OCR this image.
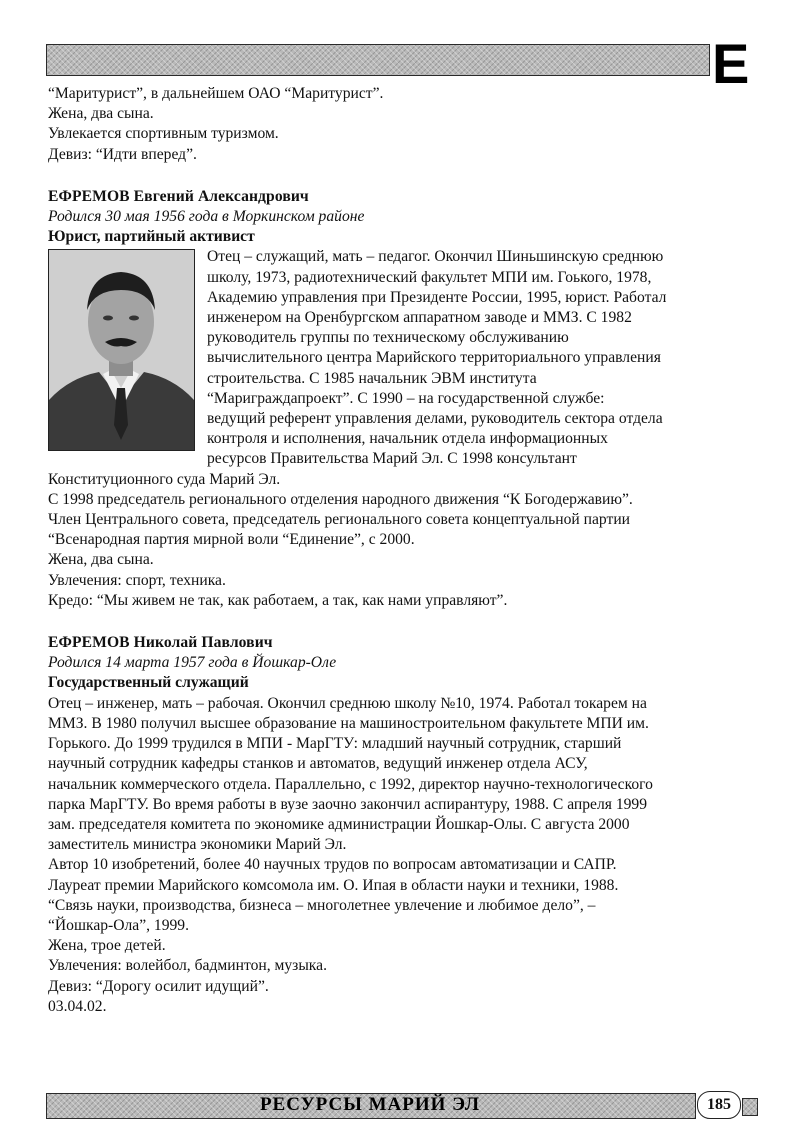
Е
“Маритурист”, в дальнейшем ОАО “Маритурист”.
Жена, два сына.
Увлекается спортивным туризмом.
Девиз: “Идти вперед”.
ЕФРЕМОВ Евгений Александрович
Родился 30 мая 1956 года в Моркинском районе
Юрист, партийный активист
Отец – служащий, мать – педагог. Окончил Шиньшинскую среднюю
школу, 1973, радиотехнический факультет МПИ им. Гоького, 1978,
Академию управления при Президенте России, 1995, юрист. Работал
инженером на Оренбургском аппаратном заводе и ММЗ. С 1982
руководитель группы по техническому обслуживанию
вычислительного центра Марийского территориального управления
строительства. С 1985 начальник ЭВМ института
“Мариграждапроект”. С 1990 – на государственной службе:
ведущий референт управления делами, руководитель сектора отдела
контроля и исполнения, начальник отдела информационных
ресурсов Правительства Марий Эл. С 1998 консультант
Конституционного суда Марий Эл.
С 1998 председатель регионального отделения народного движения “К Богодержавию”.
Член Центрального совета, председатель регионального совета концептуальной партии
“Всенародная партия мирной воли “Единение”, с 2000.
Жена, два сына.
Увлечения: спорт, техника.
Кредо: “Мы живем не так, как работаем, а так, как нами управляют”.
ЕФРЕМОВ Николай Павлович
Родился 14 марта 1957 года в Йошкар-Оле
Государственный служащий
Отец – инженер, мать – рабочая. Окончил среднюю школу №10, 1974. Работал токарем на
ММЗ. В 1980 получил высшее образование на машиностроительном факультете МПИ им.
Горького. До 1999 трудился в МПИ - МарГТУ: младший научный сотрудник, старший
научный сотрудник кафедры станков и автоматов, ведущий инженер отдела АСУ,
начальник коммерческого отдела. Параллельно, с 1992, директор научно-технологического
парка МарГТУ. Во время работы в вузе заочно закончил аспирантуру, 1988. С апреля 1999
зам. председателя комитета по экономике администрации Йошкар-Олы. С августа 2000
заместитель министра экономики Марий Эл.
Автор 10 изобретений, более 40 научных трудов по вопросам автоматизации и САПР.
Лауреат премии Марийского комсомола им. О. Ипая в области науки и техники, 1988.
“Связь науки, производства, бизнеса – многолетнее увлечение и любимое дело”, –
“Йошкар-Ола”, 1999.
Жена, трое детей.
Увлечения: волейбол, бадминтон, музыка.
Девиз: “Дорогу осилит идущий”.
03.04.02.
РЕСУРСЫ МАРИЙ ЭЛ	185
